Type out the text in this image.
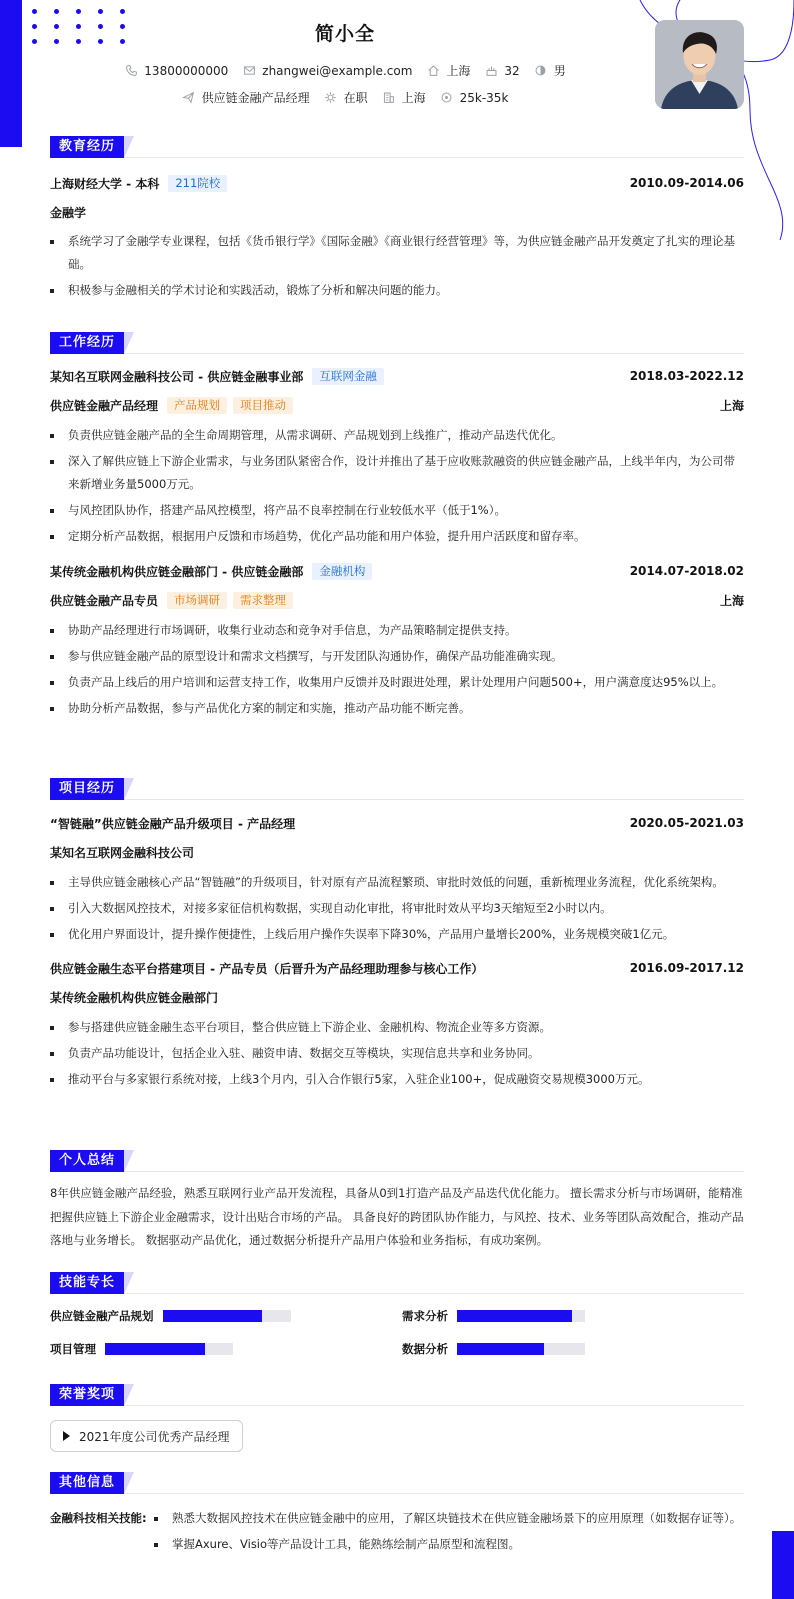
简小全
13800000000	zhangwei@example.com	上海	32	男
供应链金融产品经理	在职	上海	25k-35k
教育经历
上海财经大学 - 本科	211院校	2010.09-2014.06
金融学
系统学习了金融学专业课程，包括《货币银行学》《国际金融》《商业银行经营管理》等，为供应链金融产品开发奠定了扎实的理论基础。
积极参与金融相关的学术讨论和实践活动，锻炼了分析和解决问题的能力。
工作经历
某知名互联网金融科技公司 - 供应链金融事业部	互联网金融	2018.03-2022.12
供应链金融产品经理	产品规划	项目推动	上海
负责供应链金融产品的全生命周期管理，从需求调研、产品规划到上线推广，推动产品迭代优化。
深入了解供应链上下游企业需求，与业务团队紧密合作，设计并推出了基于应收账款融资的供应链金融产品，上线半年内，为公司带来新增业务量5000万元。
与风控团队协作，搭建产品风控模型，将产品不良率控制在行业较低水平（低于1%）。
定期分析产品数据，根据用户反馈和市场趋势，优化产品功能和用户体验，提升用户活跃度和留存率。
某传统金融机构供应链金融部门 - 供应链金融部	金融机构	2014.07-2018.02
供应链金融产品专员	市场调研	需求整理	上海
协助产品经理进行市场调研，收集行业动态和竞争对手信息，为产品策略制定提供支持。
参与供应链金融产品的原型设计和需求文档撰写，与开发团队沟通协作，确保产品功能准确实现。
负责产品上线后的用户培训和运营支持工作，收集用户反馈并及时跟进处理，累计处理用户问题500+，用户满意度达95%以上。
协助分析产品数据，参与产品优化方案的制定和实施，推动产品功能不断完善。
项目经历
“智链融”供应链金融产品升级项目 - 产品经理	2020.05-2021.03
某知名互联网金融科技公司
主导供应链金融核心产品“智链融”的升级项目，针对原有产品流程繁琐、审批时效低的问题，重新梳理业务流程，优化系统架构。
引入大数据风控技术，对接多家征信机构数据，实现自动化审批，将审批时效从平均3天缩短至2小时以内。
优化用户界面设计，提升操作便捷性，上线后用户操作失误率下降30%，产品用户量增长200%，业务规模突破1亿元。
供应链金融生态平台搭建项目 - 产品专员（后晋升为产品经理助理参与核心工作）	2016.09-2017.12
某传统金融机构供应链金融部门
参与搭建供应链金融生态平台项目，整合供应链上下游企业、金融机构、物流企业等多方资源。
负责产品功能设计，包括企业入驻、融资申请、数据交互等模块，实现信息共享和业务协同。
推动平台与多家银行系统对接，上线3个月内，引入合作银行5家，入驻企业100+，促成融资交易规模3000万元。
个人总结

8年供应链金融产品经验，熟悉互联网行业产品开发流程，具备从0到1打造产品及产品迭代优化能力。 擅长需求分析与市场调研，能精准把握供应链上下游企业金融需求，设计出贴合市场的产品。 具备良好的跨团队协作能力，与风控、技术、业务等团队高效配合，推动产品落地与业务增长。 数据驱动产品优化，通过数据分析提升产品用户体验和业务指标，有成功案例。

技能专长
供应链金融产品规划	需求分析
项目管理	数据分析
荣誉奖项
2021年度公司优秀产品经理
其他信息
金融科技相关技能:	熟悉大数据风控技术在供应链金融中的应用，了解区块链技术在供应链金融场景下的应用原理（如数据存证等）。
掌握Axure、Visio等产品设计工具，能熟练绘制产品原型和流程图。
